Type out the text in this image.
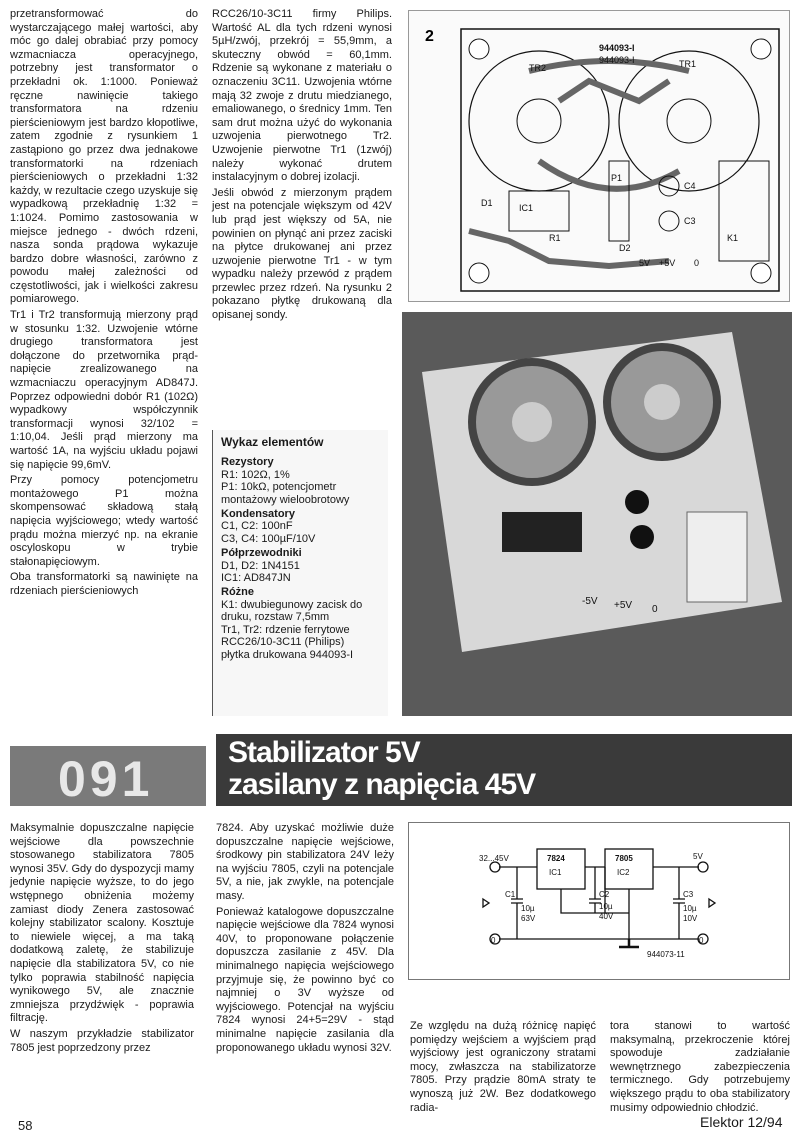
przetransformować do wystarczającego małej wartości, aby móc go dalej obrabiać przy pomocy wzmacniacza operacyjnego, potrzebny jest transformator o przekładni ok. 1:1000. Ponieważ ręczne nawinięcie takiego transformatora na rdzeniu pierścieniowym jest bardzo kłopotliwe, zatem zgodnie z rysunkiem 1 zastąpiono go przez dwa jednakowe transformatorki na rdzeniach pierścieniowych o przekładni 1:32 każdy, w rezultacie czego uzyskuje się wypadkową przekładnię 1:32 = 1:1024. Pomimo zastosowania w miejsce jednego - dwóch rdzeni, nasza sonda prądowa wykazuje bardzo dobre własności, zarówno z powodu małej zależności od częstotliwości, jak i wielkości zakresu pomiarowego.

Tr1 i Tr2 transformują mierzony prąd w stosunku 1:32. Uzwojenie wtórne drugiego transformatora jest dołączone do przetwornika prąd-napięcie zrealizowanego na wzmacniaczu operacyjnym AD847J. Poprzez odpowiedni dobór R1 (102Ω) wypadkowy współczynnik transformacji wynosi 32/102 = 1:10,04. Jeśli prąd mierzony ma wartość 1A, na wyjściu układu pojawi się napięcie 99,6mV.

Przy pomocy potencjometru montażowego P1 można skompensować składową stałą napięcia wyjściowego; wtedy wartość prądu można mierzyć np. na ekranie oscyloskopu w trybie stałonapięciowym.

Oba transformatorki są nawinięte na rdzeniach pierścieniowych

RCC26/10-3C11 firmy Philips. Wartość AL dla tych rdzeni wynosi 5µH/zwój, przekrój = 55,9mm, a skuteczny obwód = 60,1mm. Rdzenie są wykonane z materiału o oznaczeniu 3C11. Uzwojenia wtórne mają 32 zwoje z drutu miedzianego, emaliowanego, o średnicy 1mm. Ten sam drut można użyć do wykonania uzwojenia pierwotnego Tr2. Uzwojenie pierwotne Tr1 (1zwój) należy wykonać drutem instalacyjnym o dobrej izolacji.

Jeśli obwód z mierzonym prądem jest na potencjale większym od 42V lub prąd jest większy od 5A, nie powinien on płynąć ani przez zaciski na płytce drukowanej ani przez uzwojenie pierwotne Tr1 - w tym wypadku należy przewód z prądem przewlec przez rdzeń. Na rysunku 2 pokazano płytkę drukowaną dla opisanej sondy.

2
944093-I
944093-I
TR2	TR1
IC1
R1
P1
C4
C3
K1
D1
D2
5V +5V 0
-5V +5V 0
Wykaz elementów
Rezystory
R1: 102Ω, 1%
P1: 10kΩ, potencjometr montażowy wieloobrotowy
Kondensatory
C1, C2: 100nF
C3, C4: 100µF/10V
Półprzewodniki
D1, D2: 1N4151
IC1: AD847JN
Różne
K1: dwubiegunowy zacisk do druku, rozstaw 7,5mm
Tr1, Tr2: rdzenie ferrytowe RCC26/10-3C11 (Philips)
płytka drukowana 944093-I
091 Stabilizator 5V
zasilany z napięcia 45V

Maksymalnie dopuszczalne napięcie wejściowe dla powszechnie stosowanego stabilizatora 7805 wynosi 35V. Gdy do dyspozycji mamy jedynie napięcie wyższe, to do jego wstępnego obniżenia możemy zamiast diody Zenera zastosować kolejny stabilizator scalony. Kosztuje to niewiele więcej, a ma taką dodatkową zaletę, że stabilizuje napięcie dla stabilizatora 5V, co nie tylko poprawia stabilność napięcia wynikowego 5V, ale znacznie zmniejsza przydźwięk - poprawia filtrację.

W naszym przykładzie stabilizator 7805 jest poprzedzony przez

7824. Aby uzyskać możliwie duże dopuszczalne napięcie wejściowe, środkowy pin stabilizatora 24V leży na wyjściu 7805, czyli na potencjale 5V, a nie, jak zwykle, na potencjale masy.

Ponieważ katalogowe dopuszczalne napięcie wejściowe dla 7824 wynosi 40V, to proponowane połączenie dopuszcza zasilanie z 45V. Dla minimalnego napięcia wejściowego przyjmuje się, że powinno być co najmniej o 3V wyższe od wyjściowego. Potencjał na wyjściu 7824 wynosi 24+5=29V - stąd minimalne napięcie zasilania dla proponowanego układu wynosi 32V.

32...45V	7824
IC1
7805
IC2
5V
C1
10µ
63V
C2
10µ
40V
C3
10µ
10V
944073-11
0	0

Ze względu na dużą różnicę napięć pomiędzy wejściem a wyjściem prąd wyjściowy jest ograniczony stratami mocy, zwłaszcza na stabilizatorze 7805. Przy prądzie 80mA straty te wynoszą już 2W. Bez dodatkowego radia-

tora stanowi to wartość maksymalną, przekroczenie której spowoduje zadziałanie wewnętrznego zabezpieczenia termicznego. Gdy potrzebujemy większego prądu to oba stabilizatory musimy odpowiednio chłodzić.

58	Elektor 12/94
